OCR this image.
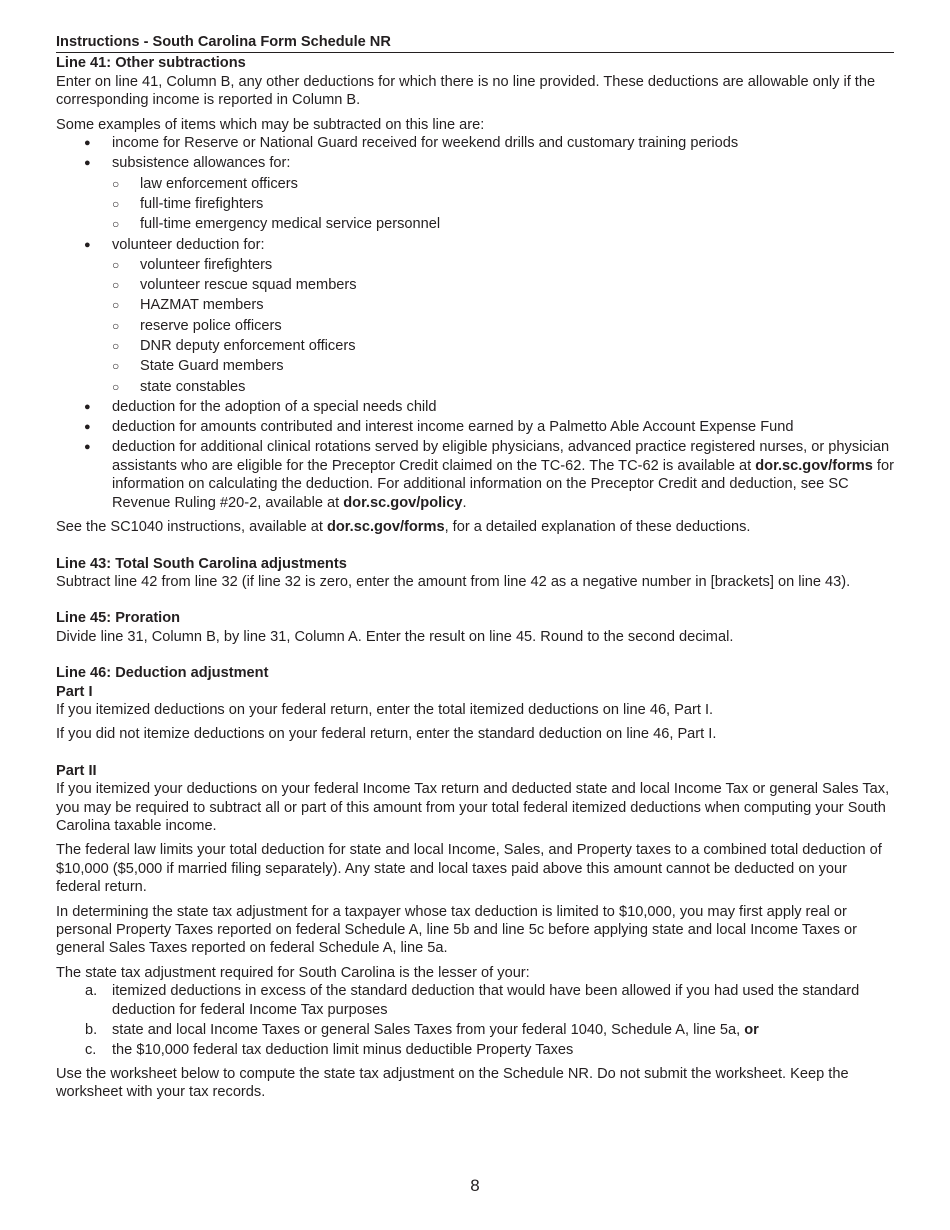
Instructions - South Carolina Form Schedule NR
Line 41: Other subtractions

Enter on line 41, Column B, any other deductions for which there is no line provided. These deductions are allowable only if the corresponding income is reported in Column B.

Some examples of items which may be subtracted on this line are:

● income for Reserve or National Guard received for weekend drills and customary training periods
● subsistence allowances for:
○ law enforcement officers
○ full-time firefighters
○ full-time emergency medical service personnel
● volunteer deduction for:
○ volunteer firefighters
○ volunteer rescue squad members
○ HAZMAT members
○ reserve police officers
○ DNR deputy enforcement officers
○ State Guard members
○ state constables
● deduction for the adoption of a special needs child
● deduction for amounts contributed and interest income earned by a Palmetto Able Account Expense Fund
● deduction for additional clinical rotations served by eligible physicians, advanced practice registered nurses, or physician assistants who are eligible for the Preceptor Credit claimed on the TC-62. The TC-62 is available at dor.sc.gov/forms for information on calculating the deduction. For additional information on the Preceptor Credit and deduction, see SC Revenue Ruling #20-2, available at dor.sc.gov/policy.

See the SC1040 instructions, available at dor.sc.gov/forms, for a detailed explanation of these deductions.

Line 43: Total South Carolina adjustments

Subtract line 42 from line 32 (if line 32 is zero, enter the amount from line 42 as a negative number in [brackets] on line 43).

Line 45: Proration

Divide line 31, Column B, by line 31, Column A. Enter the result on line 45. Round to the second decimal.

Line 46: Deduction adjustment
Part I

If you itemized deductions on your federal return, enter the total itemized deductions on line 46, Part I.

If you did not itemize deductions on your federal return, enter the standard deduction on line 46, Part I.

Part II

If you itemized your deductions on your federal Income Tax return and deducted state and local Income Tax or general Sales Tax, you may be required to subtract all or part of this amount from your total federal itemized deductions when computing your South Carolina taxable income.

The federal law limits your total deduction for state and local Income, Sales, and Property taxes to a combined total deduction of $10,000 ($5,000 if married filing separately). Any state and local taxes paid above this amount cannot be deducted on your federal return.

In determining the state tax adjustment for a taxpayer whose tax deduction is limited to $10,000, you may first apply real or personal Property Taxes reported on federal Schedule A, line 5b and line 5c before applying state and local Income Taxes or general Sales Taxes reported on federal Schedule A, line 5a.

The state tax adjustment required for South Carolina is the lesser of your:

a. itemized deductions in excess of the standard deduction that would have been allowed if you had used the standard deduction for federal Income Tax purposes
b. state and local Income Taxes or general Sales Taxes from your federal 1040, Schedule A, line 5a, or
c. the $10,000 federal tax deduction limit minus deductible Property Taxes

Use the worksheet below to compute the state tax adjustment on the Schedule NR. Do not submit the worksheet. Keep the worksheet with your tax records.

8
